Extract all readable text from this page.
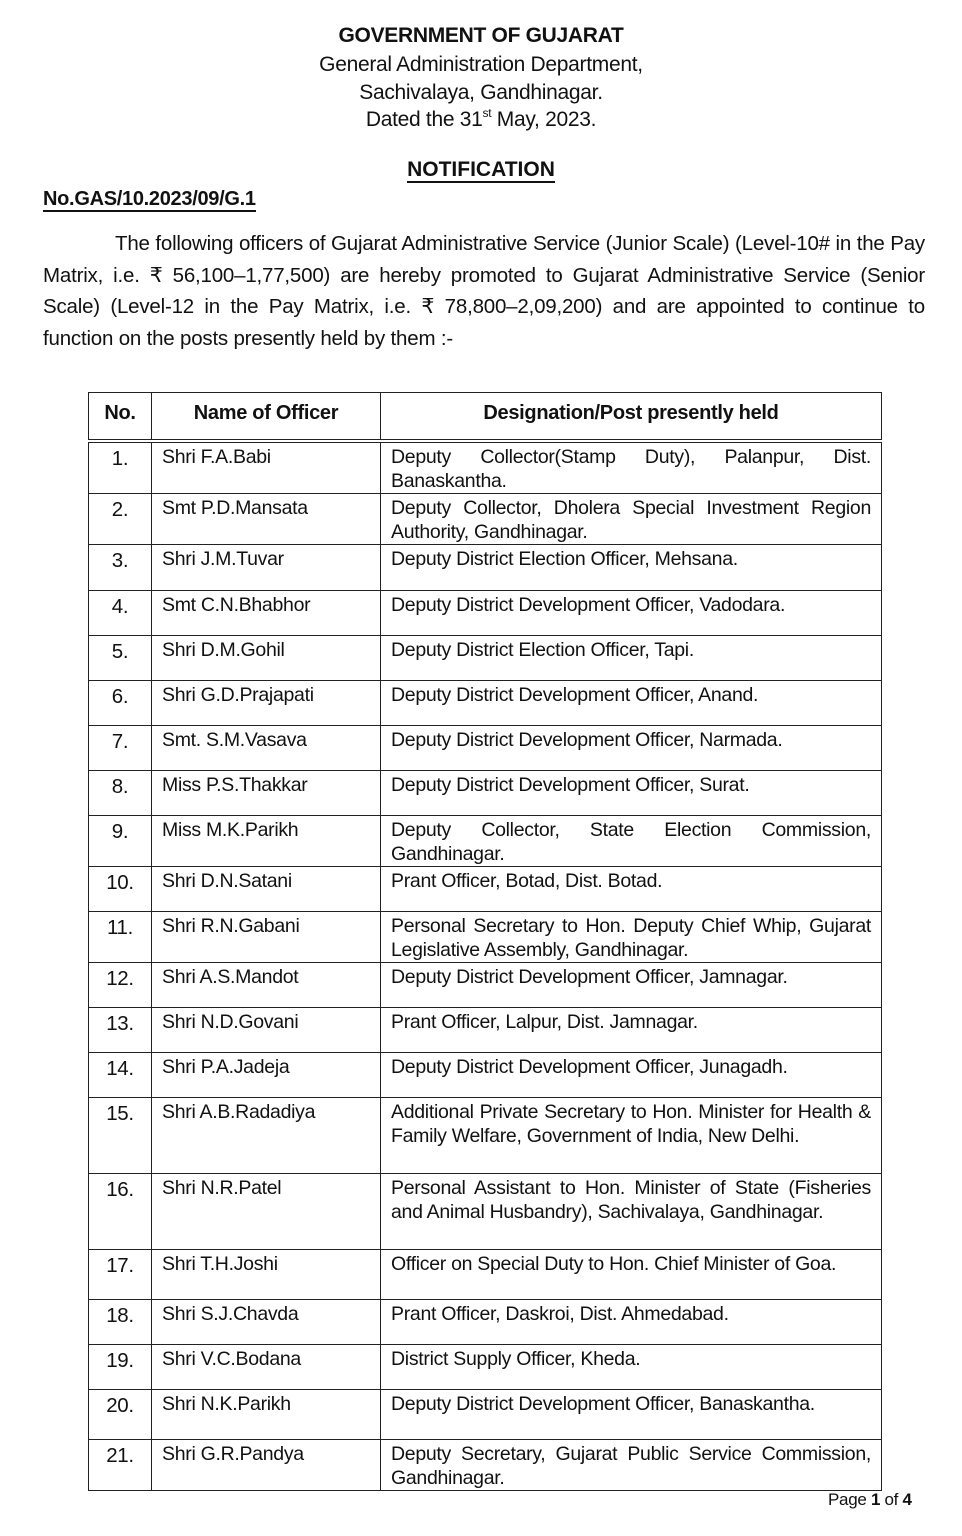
GOVERNMENT OF GUJARAT
General Administration Department,
Sachivalaya, Gandhinagar.
Dated the 31st May, 2023.
NOTIFICATION
No.GAS/10.2023/09/G.1
The following officers of Gujarat Administrative Service (Junior Scale) (Level-10# in the Pay Matrix, i.e. ₹ 56,100–1,77,500) are hereby promoted to Gujarat Administrative Service (Senior Scale) (Level-12 in the Pay Matrix, i.e. ₹ 78,800–2,09,200) and are appointed to continue to function on the posts presently held by them :-
No.	Name of Officer	Designation/Post presently held
1.	Shri F.A.Babi	Deputy Collector(Stamp Duty), Palanpur, Dist. Banaskantha.
2.	Smt P.D.Mansata	Deputy Collector, Dholera Special Investment Region Authority, Gandhinagar.
3.	Shri J.M.Tuvar	Deputy District Election Officer, Mehsana.
4.	Smt C.N.Bhabhor	Deputy District Development Officer, Vadodara.
5.	Shri D.M.Gohil	Deputy District Election Officer, Tapi.
6.	Shri G.D.Prajapati	Deputy District Development Officer, Anand.
7.	Smt. S.M.Vasava	Deputy District Development Officer, Narmada.
8.	Miss P.S.Thakkar	Deputy District Development Officer, Surat.
9.	Miss M.K.Parikh	Deputy Collector, State Election Commission, Gandhinagar.
10.	Shri D.N.Satani	Prant Officer, Botad, Dist. Botad.
11.	Shri R.N.Gabani	Personal Secretary to Hon. Deputy Chief Whip, Gujarat Legislative Assembly, Gandhinagar.
12.	Shri A.S.Mandot	Deputy District Development Officer, Jamnagar.
13.	Shri N.D.Govani	Prant Officer, Lalpur, Dist. Jamnagar.
14.	Shri P.A.Jadeja	Deputy District Development Officer, Junagadh.
15.	Shri A.B.Radadiya	Additional Private Secretary to Hon. Minister for Health & Family Welfare, Government of India, New Delhi.
16.	Shri N.R.Patel	Personal Assistant to Hon. Minister of State (Fisheries and Animal Husbandry), Sachivalaya, Gandhinagar.
17.	Shri T.H.Joshi	Officer on Special Duty to Hon. Chief Minister of Goa.
18.	Shri S.J.Chavda	Prant Officer, Daskroi, Dist. Ahmedabad.
19.	Shri V.C.Bodana	District Supply Officer, Kheda.
20.	Shri N.K.Parikh	Deputy District Development Officer, Banaskantha.
21.	Shri G.R.Pandya	Deputy Secretary, Gujarat Public Service Commission, Gandhinagar.
Page 1 of 4
